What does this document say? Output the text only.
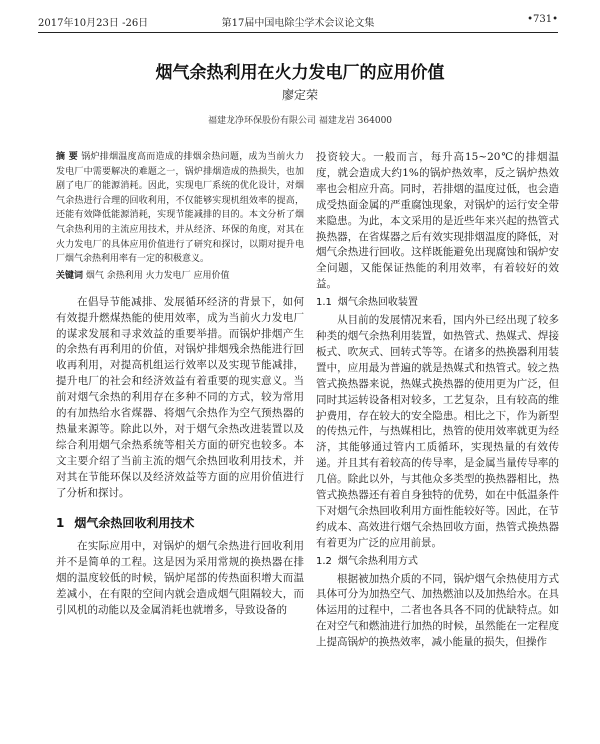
2017年10月23日 -26日	第17届中国电除尘学术会议论文集	•731•
烟气余热利用在火力发电厂的应用价值
廖定荣
福建龙净环保股份有限公司 福建龙岩 364000
摘 要 锅炉排烟温度高而造成的排烟余热问题，成为当前火力发电厂中需要解决的难题之一，锅炉排烟造成的热损失，也加剧了电厂的能源消耗。因此，实现电厂系统的优化设计，对烟气余热进行合理的回收利用，不仅能够实现机组效率的提高，还能有效降低能源消耗，实现节能减排的目的。本文分析了烟气余热利用的主流应用技术，并从经济、环保的角度，对其在火力发电厂的具体应用价值进行了研究和探讨，以期对提升电厂烟气余热利用率有一定的积极意义。
关键词 烟气 余热利用 火力发电厂 应用价值

在倡导节能减排、发展循环经济的背景下，如何有效提升燃煤热能的使用效率，成为当前火力发电厂的谋求发展和寻求效益的重要举措。而锅炉排烟产生的余热有再利用的价值，对锅炉排烟残余热能进行回收再利用，对提高机组运行效率以及实现节能减排，提升电厂的社会和经济效益有着重要的现实意义。当前对烟气余热的利用存在多种不同的方式，较为常用的有加热给水省煤器、将烟气余热作为空气预热器的热量来源等。除此以外，对于烟气余热改进装置以及综合利用烟气余热系统等相关方面的研究也较多。本文主要介绍了当前主流的烟气余热回收利用技术，并对其在节能环保以及经济效益等方面的应用价值进行了分析和探讨。

1 烟气余热回收利用技术

在实际应用中，对锅炉的烟气余热进行回收利用并不是简单的工程。这是因为采用常规的换热器在排烟的温度较低的时候，锅炉尾部的传热面积增大而温差减小，在有限的空间内就会造成烟气阻隔较大，而引风机的动能以及金属消耗也就增多，导致设备的

投资较大。一般而言，每升高15~20℃的排烟温度，就会造成大约1%的锅炉热效率，反之锅炉热效率也会相应升高。同时，若排烟的温度过低，也会造成受热面金属的严重腐蚀现象，对锅炉的运行安全带来隐患。为此，本文采用的是近些年来兴起的热管式换热器，在省煤器之后有效实现排烟温度的降低，对烟气余热进行回收。这样既能避免出现腐蚀和锅炉安全问题，又能保证热能的利用效率，有着较好的效益。

1.1 烟气余热回收装置

从目前的发展情况来看，国内外已经出现了较多种类的烟气余热利用装置，如热管式、热媒式、焊接板式、吹灰式、回转式等等。在诸多的热换器利用装置中，应用最为普遍的就是热媒式和热管式。较之热管式换热器来说，热媒式换热器的使用更为广泛，但同时其运转设备相对较多，工艺复杂，且有较高的维护费用，存在较大的安全隐患。相比之下，作为新型的传热元件，与热媒相比，热管的使用效率就更为经济，其能够通过管内工质循环，实现热量的有效传递。并且其有着较高的传导率，是金属当量传导率的几倍。除此以外，与其他众多类型的换热器相比，热管式换热器还有着自身独特的优势，如在中低温条件下对烟气余热回收利用方面性能较好等。因此，在节约成本、高效进行烟气余热回收方面，热管式换热器有着更为广泛的应用前景。

1.2 烟气余热利用方式

根据被加热介质的不同，锅炉烟气余热使用方式具体可分为加热空气、加热燃油以及加热给水。在具体运用的过程中，二者也各具各不同的优缺特点。如在对空气和燃油进行加热的时候，虽然能在一定程度上提高锅炉的换热效率，减小能量的损失，但操作
